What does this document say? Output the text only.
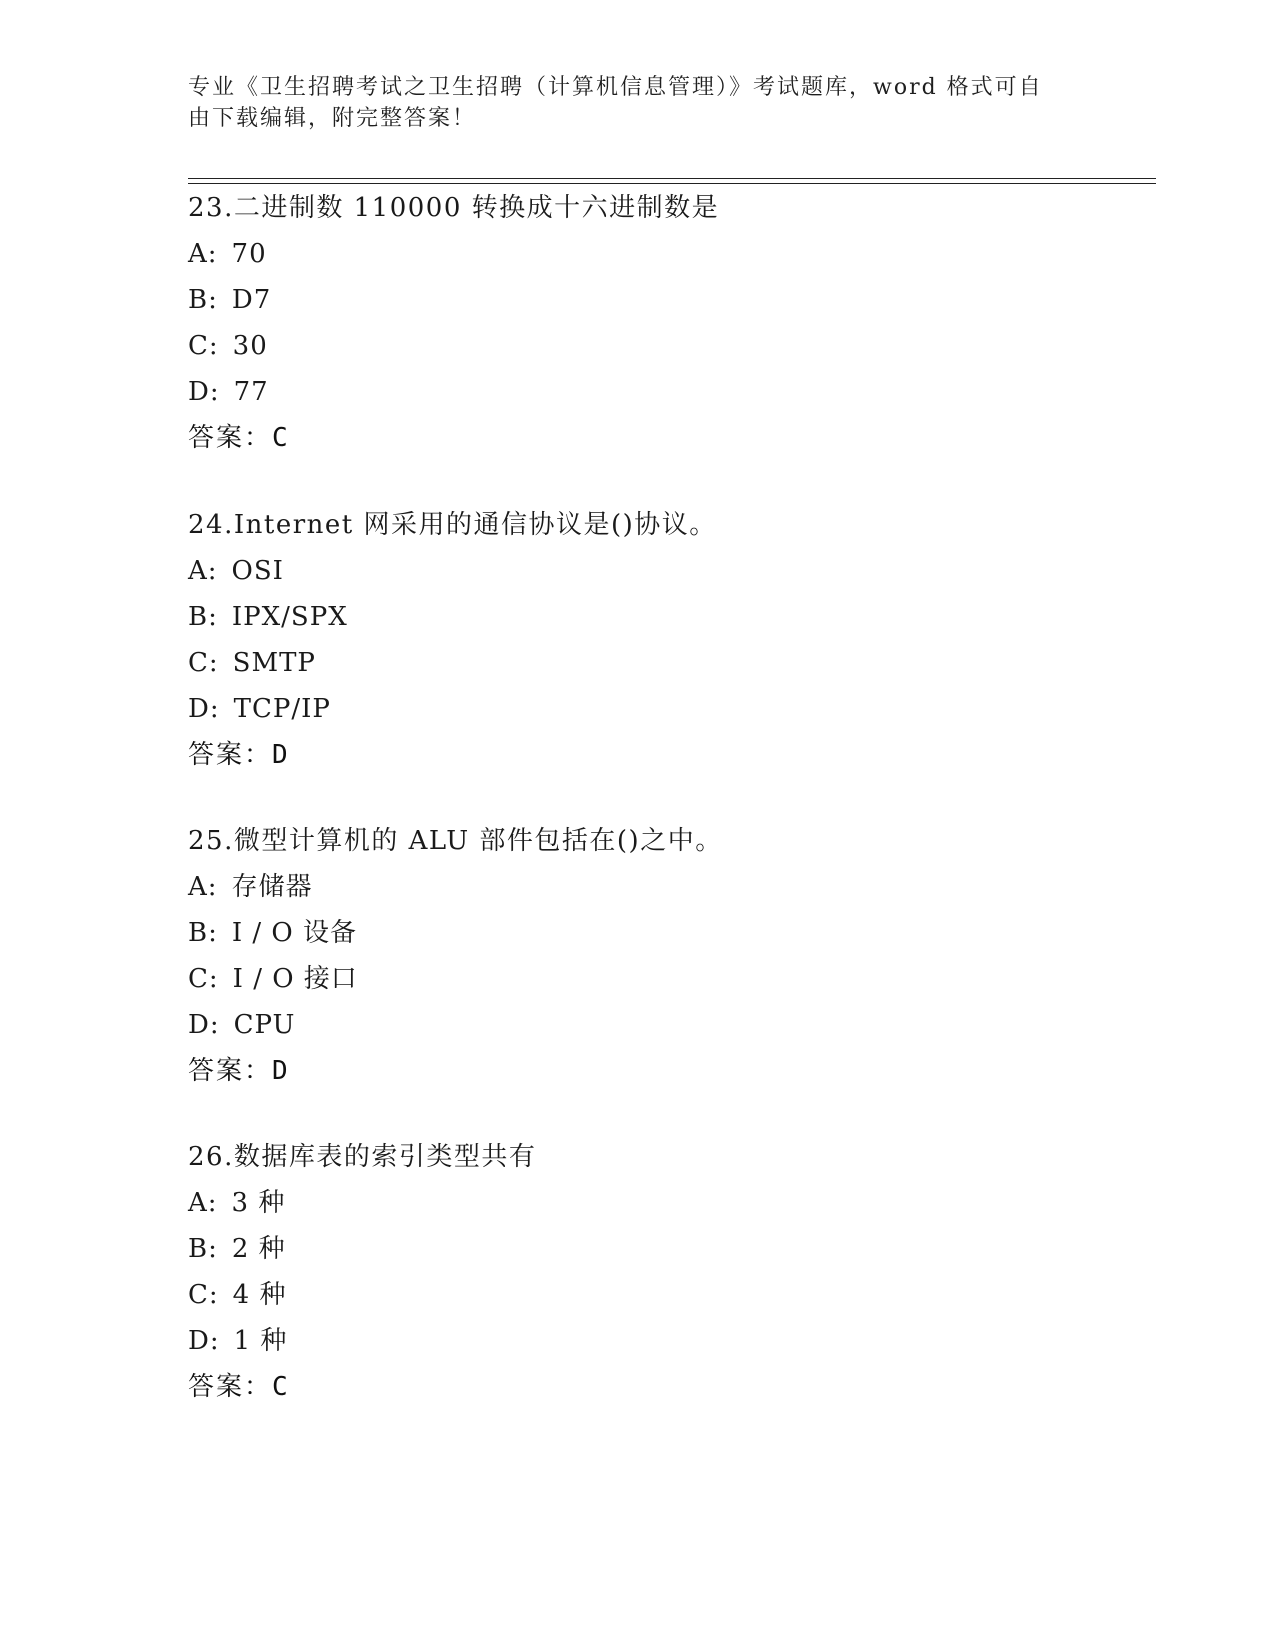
专业《卫生招聘考试之卫生招聘（计算机信息管理）》考试题库，word 格式可自
由下载编辑，附完整答案！
23.二进制数 110000 转换成十六进制数是
A: 70
B: D7
C: 30
D: 77
答案：C
24.Internet 网采用的通信协议是()协议。
A: OSI
B: IPX/SPX
C: SMTP
D: TCP/IP
答案：D
25.微型计算机的 ALU 部件包括在()之中。
A: 存储器
B: I / O 设备
C: I / O 接口
D: CPU
答案：D
26.数据库表的索引类型共有
A: 3 种
B: 2 种
C: 4 种
D: 1 种
答案：C
